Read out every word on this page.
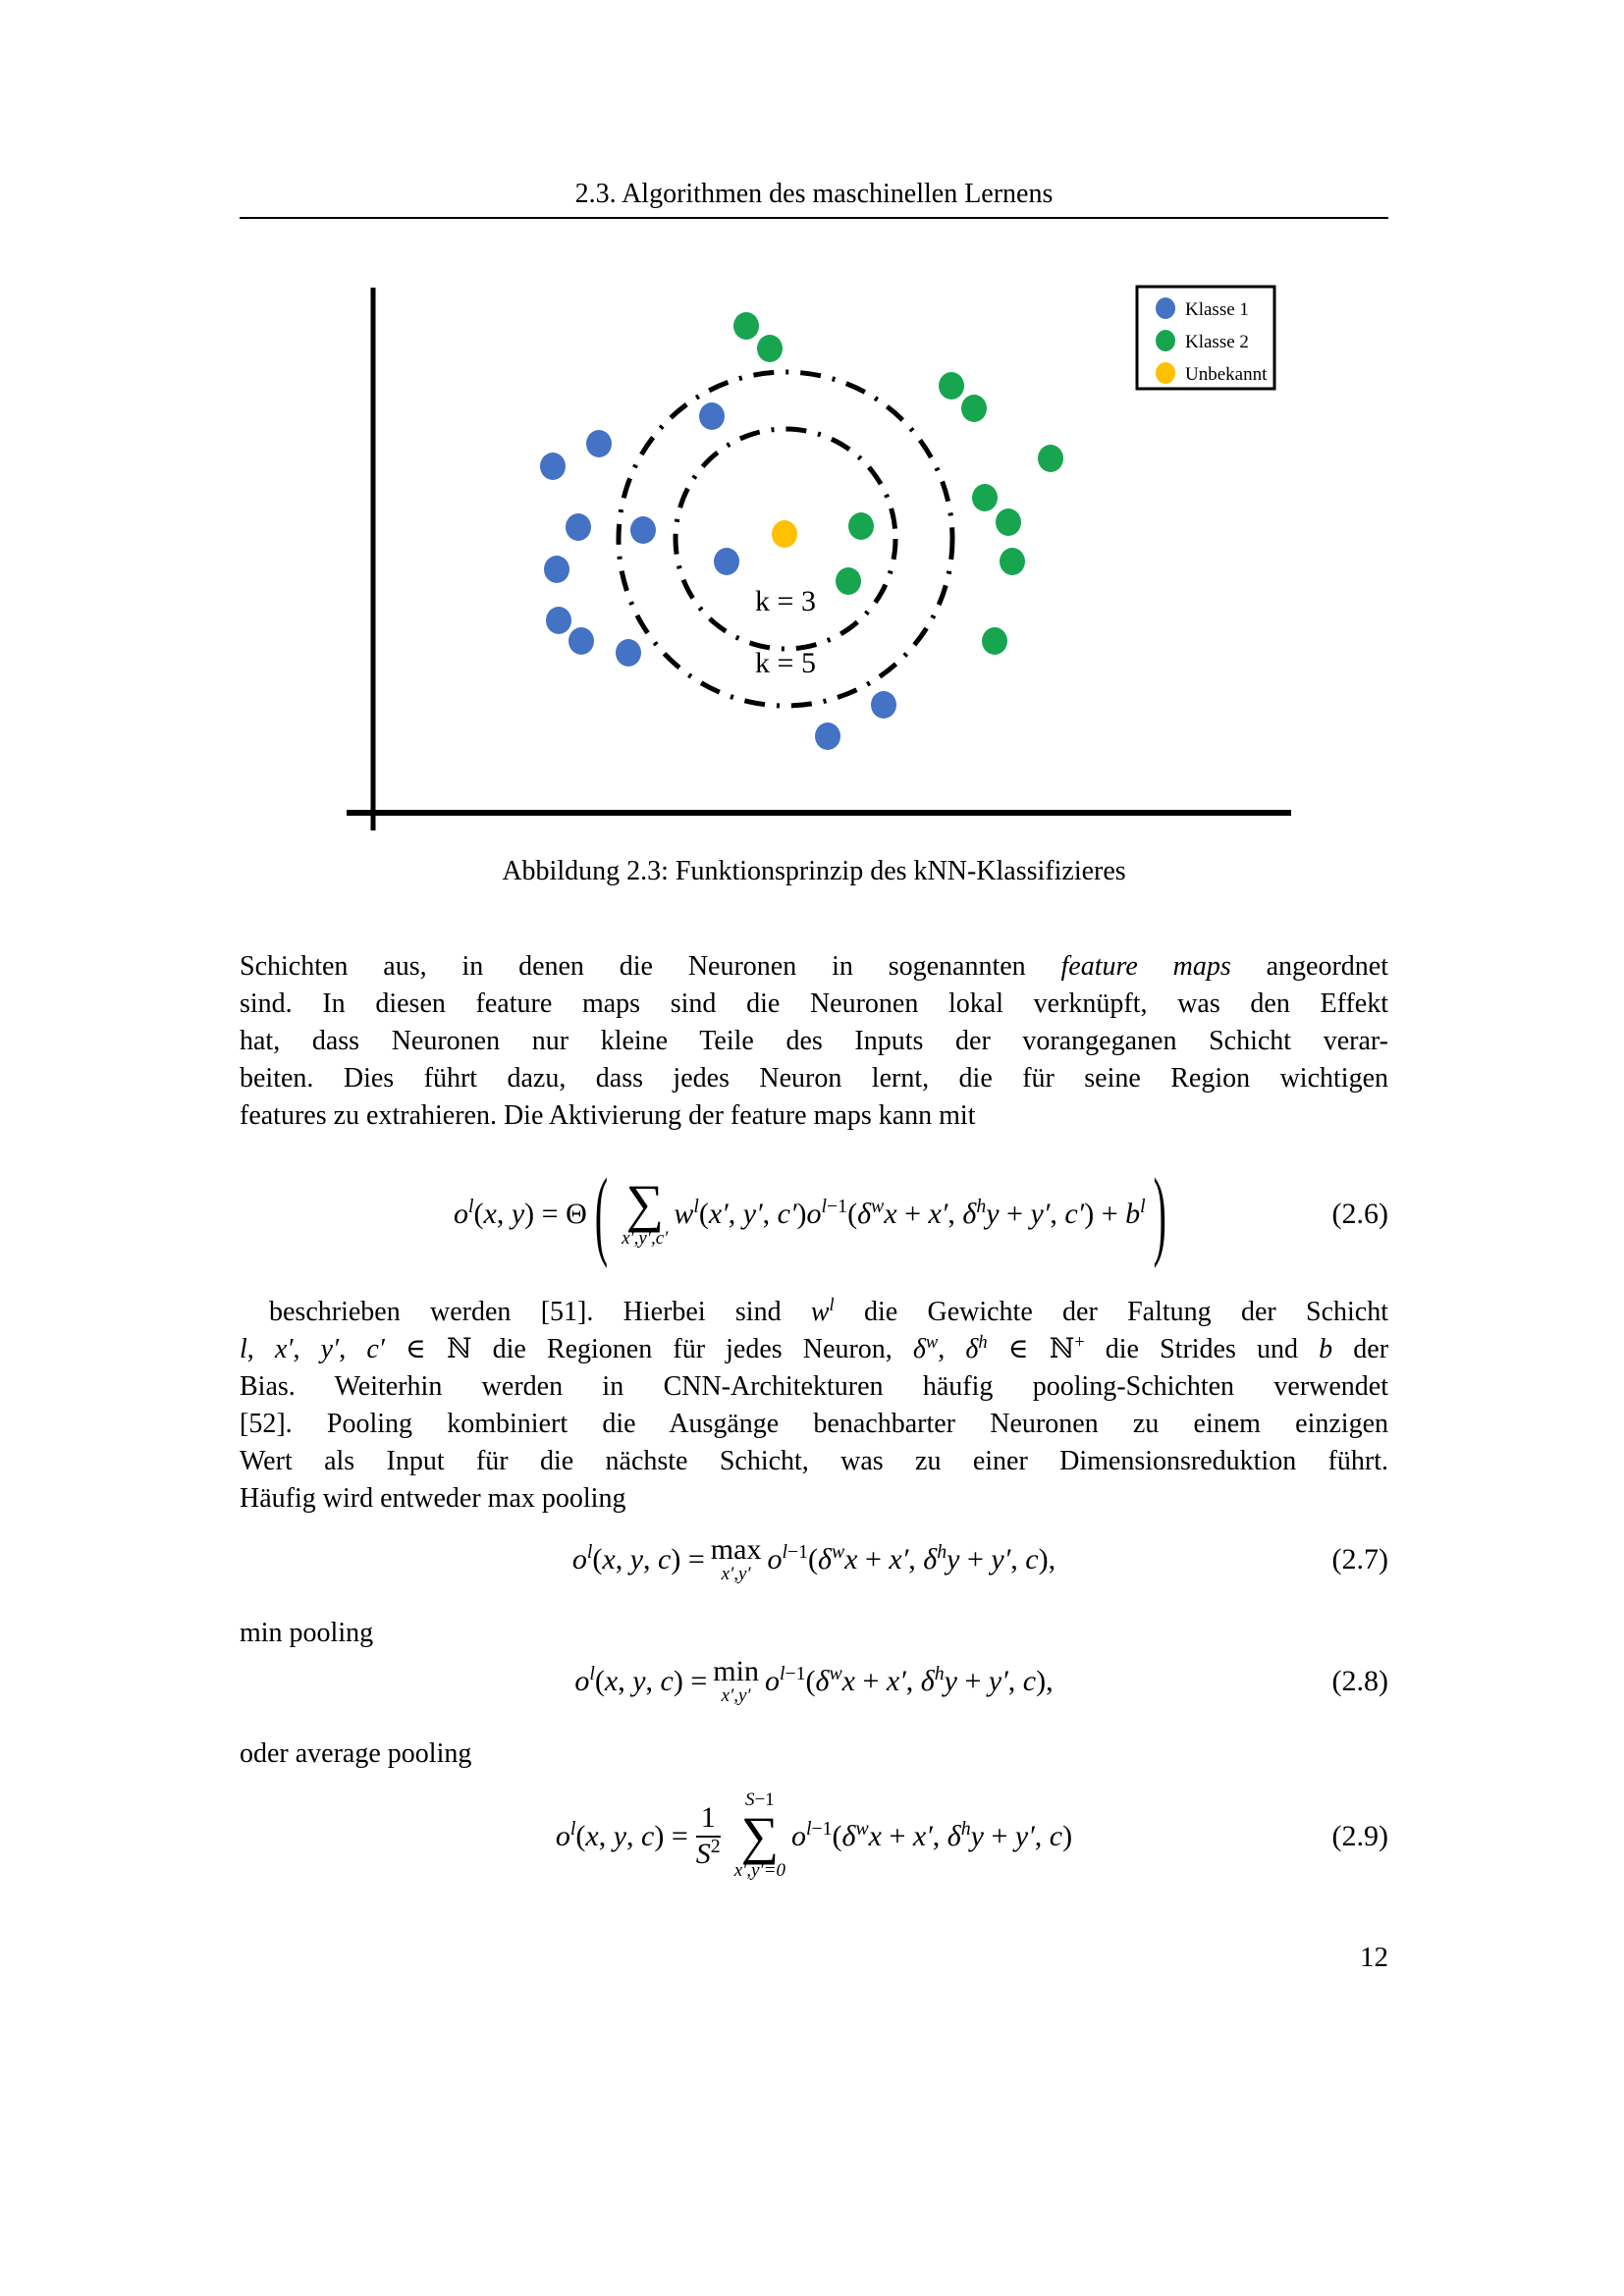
2.3. Algorithmen des maschinellen Lernens
k = 3
k = 5
Klasse 1
Klasse 2
Unbekannt
Abbildung 2.3: Funktionsprinzip des kNN-Klassifizieres
Schichten aus, in denen die Neuronen in sogenannten feature maps angeordnet
sind. In diesen feature maps sind die Neuronen lokal verknüpft, was den Effekt
hat, dass Neuronen nur kleine Teile des Inputs der vorangeganen Schicht verar-
beiten. Dies führt dazu, dass jedes Neuron lernt, die für seine Region wichtigen
features zu extrahieren. Die Aktivierung der feature maps kann mit
$o^l(x$, y) = Θ ( ∑
x′,y′,c′
$w^l(x'$, y′, $c')o^{l-1}(\delta^wx + x'$, $\delta^hy + y'$, $c') + b^l$ )	(2.6)
beschrieben werden [51]. Hierbei sind $w^l$ die Gewichte der Faltung der Schicht
l, x′, y′, c′ ∈ ℕ die Regionen für jedes Neuron, $\delta^w$, $\delta^h$ ∈ ℕ+ die Strides und b der
Bias. Weiterhin werden in CNN-Architekturen häufig pooling-Schichten verwendet
[52]. Pooling kombiniert die Ausgänge benachbarter Neuronen zu einem einzigen
Wert als Input für die nächste Schicht, was zu einer Dimensionsreduktion führt.
Häufig wird entweder max pooling
$o^l(x$, y, c) = max
x′,y′ $o^{l-1}(\delta^wx + x'$, $\delta^hy + y'$, c),	(2.7)
min pooling
$o^l(x$, y, c) = min
x′,y′ $o^{l-1}(\delta^wx + x'$, $\delta^hy + y'$, c),	(2.8)
oder average pooling
$o^l(x$, y, $c) = \frac{1}{S^2}$
S−1
∑
x′,y′=0
$o^{l-1}(\delta^wx + x'$, $\delta^hy + y'$, c)	(2.9)
12
